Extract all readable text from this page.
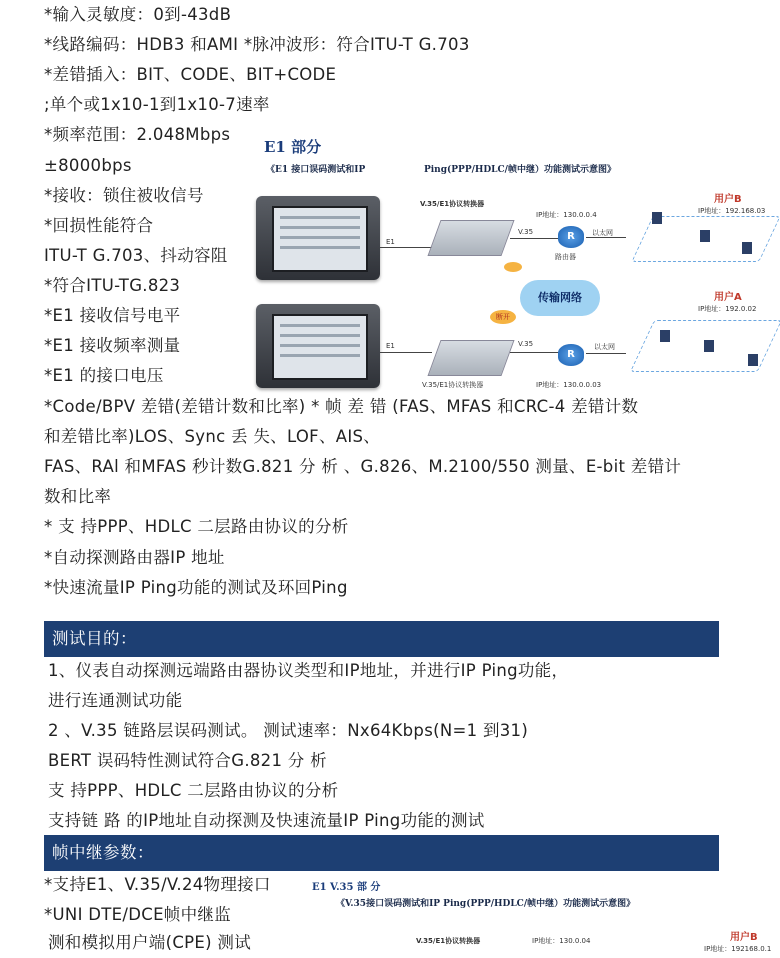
*输入灵敏度：0到-43dB
*线路编码：HDB3 和AMI *脉冲波形：符合ITU-T G.703
*差错插入：BIT、CODE、BIT+CODE
;单个或1x10-1到1x10-7速率
*频率范围：2.048Mbps
±8000bps
*接收：锁住被收信号
*回损性能符合
ITU-T G.703、抖动容阻
*符合ITU-TG.823
*E1 接收信号电平
*E1 接收频率测量
*E1 的接口电压
*Code/BPV 差错(差错计数和比率) * 帧 差 错 (FAS、MFAS 和CRC-4 差错计数
和差错比率)LOS、Sync 丢 失、LOF、AIS、
FAS、RAl 和MFAS 秒计数G.821 分 析 、G.826、M.2100/550 测量、E-bit 差错计
数和比率
* 支 持PPP、HDLC 二层路由协议的分析
*自动探测路由器IP 地址
*快速流量IP Ping功能的测试及环回Ping
E1 部分
《E1 接口误码测试和IP	Ping(PPP/HDLC/帧中继）功能测试示意图》
E1
E1
V.35/E1协议转换器
V.35/E1协议转换器
IP地址：130.0.0.4
V.35	R
路由器
以太网
传输网络
断开
V.35
R
IP地址：130.0.0.03
以太网
用户B
IP地址：192.168.03
用户A
IP地址：192.0.02
测试目的：
1、仪表自动探测远端路由器协议类型和IP地址，并进行IP Ping功能，
进行连通测试功能
2 、V.35 链路层误码测试。 测试速率：Nx64Kbps(N=1 到31)
BERT 误码特性测试符合G.821 分 析
支 持PPP、HDLC 二层路由协议的分析
支持链 路 的IP地址自动探测及快速流量IP Ping功能的测试
帧中继参数：
*支持E1、V.35/V.24物理接口
*UNI DTE/DCE帧中继监
测和模拟用户端(CPE) 测试
E1 V.35 部 分
《V.35接口误码测试和IP Ping(PPP/HDLC/帧中继）功能测试示意图》
V.35/E1协议转换器	IP地址：130.0.04	用户B
IP地址：192168.0.1
